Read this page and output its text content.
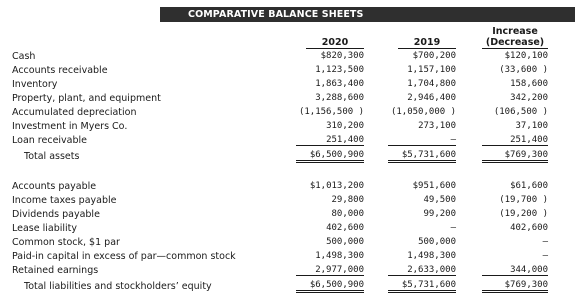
COMPARATIVE BALANCE SHEETS
Increase
(Decrease)
2020	2019
Cash	$820,300	$700,200	$120,100
Accounts receivable	1,123,500	1,157,100	(33,600 )
Inventory	1,863,400	1,704,800	158,600
Property, plant, and equipment	3,288,600	2,946,400	342,200
Accumulated depreciation	(1,156,500 )	(1,050,000 )	(106,500 )
Investment in Myers Co.	310,200	273,100	37,100
Loan receivable	251,400	—	251,400
Total assets	$6,500,900	$5,731,600	$769,300
Accounts payable	$1,013,200	$951,600	$61,600
Income taxes payable	29,800	49,500	(19,700 )
Dividends payable	80,000	99,200	(19,200 )
Lease liability	402,600	—	402,600
Common stock, $1 par	500,000	500,000	—
Paid-in capital in excess of par—common stock	1,498,300	1,498,300	—
Retained earnings	2,977,000	2,633,000	344,000
Total liabilities and stockholders’ equity	$6,500,900	$5,731,600	$769,300
